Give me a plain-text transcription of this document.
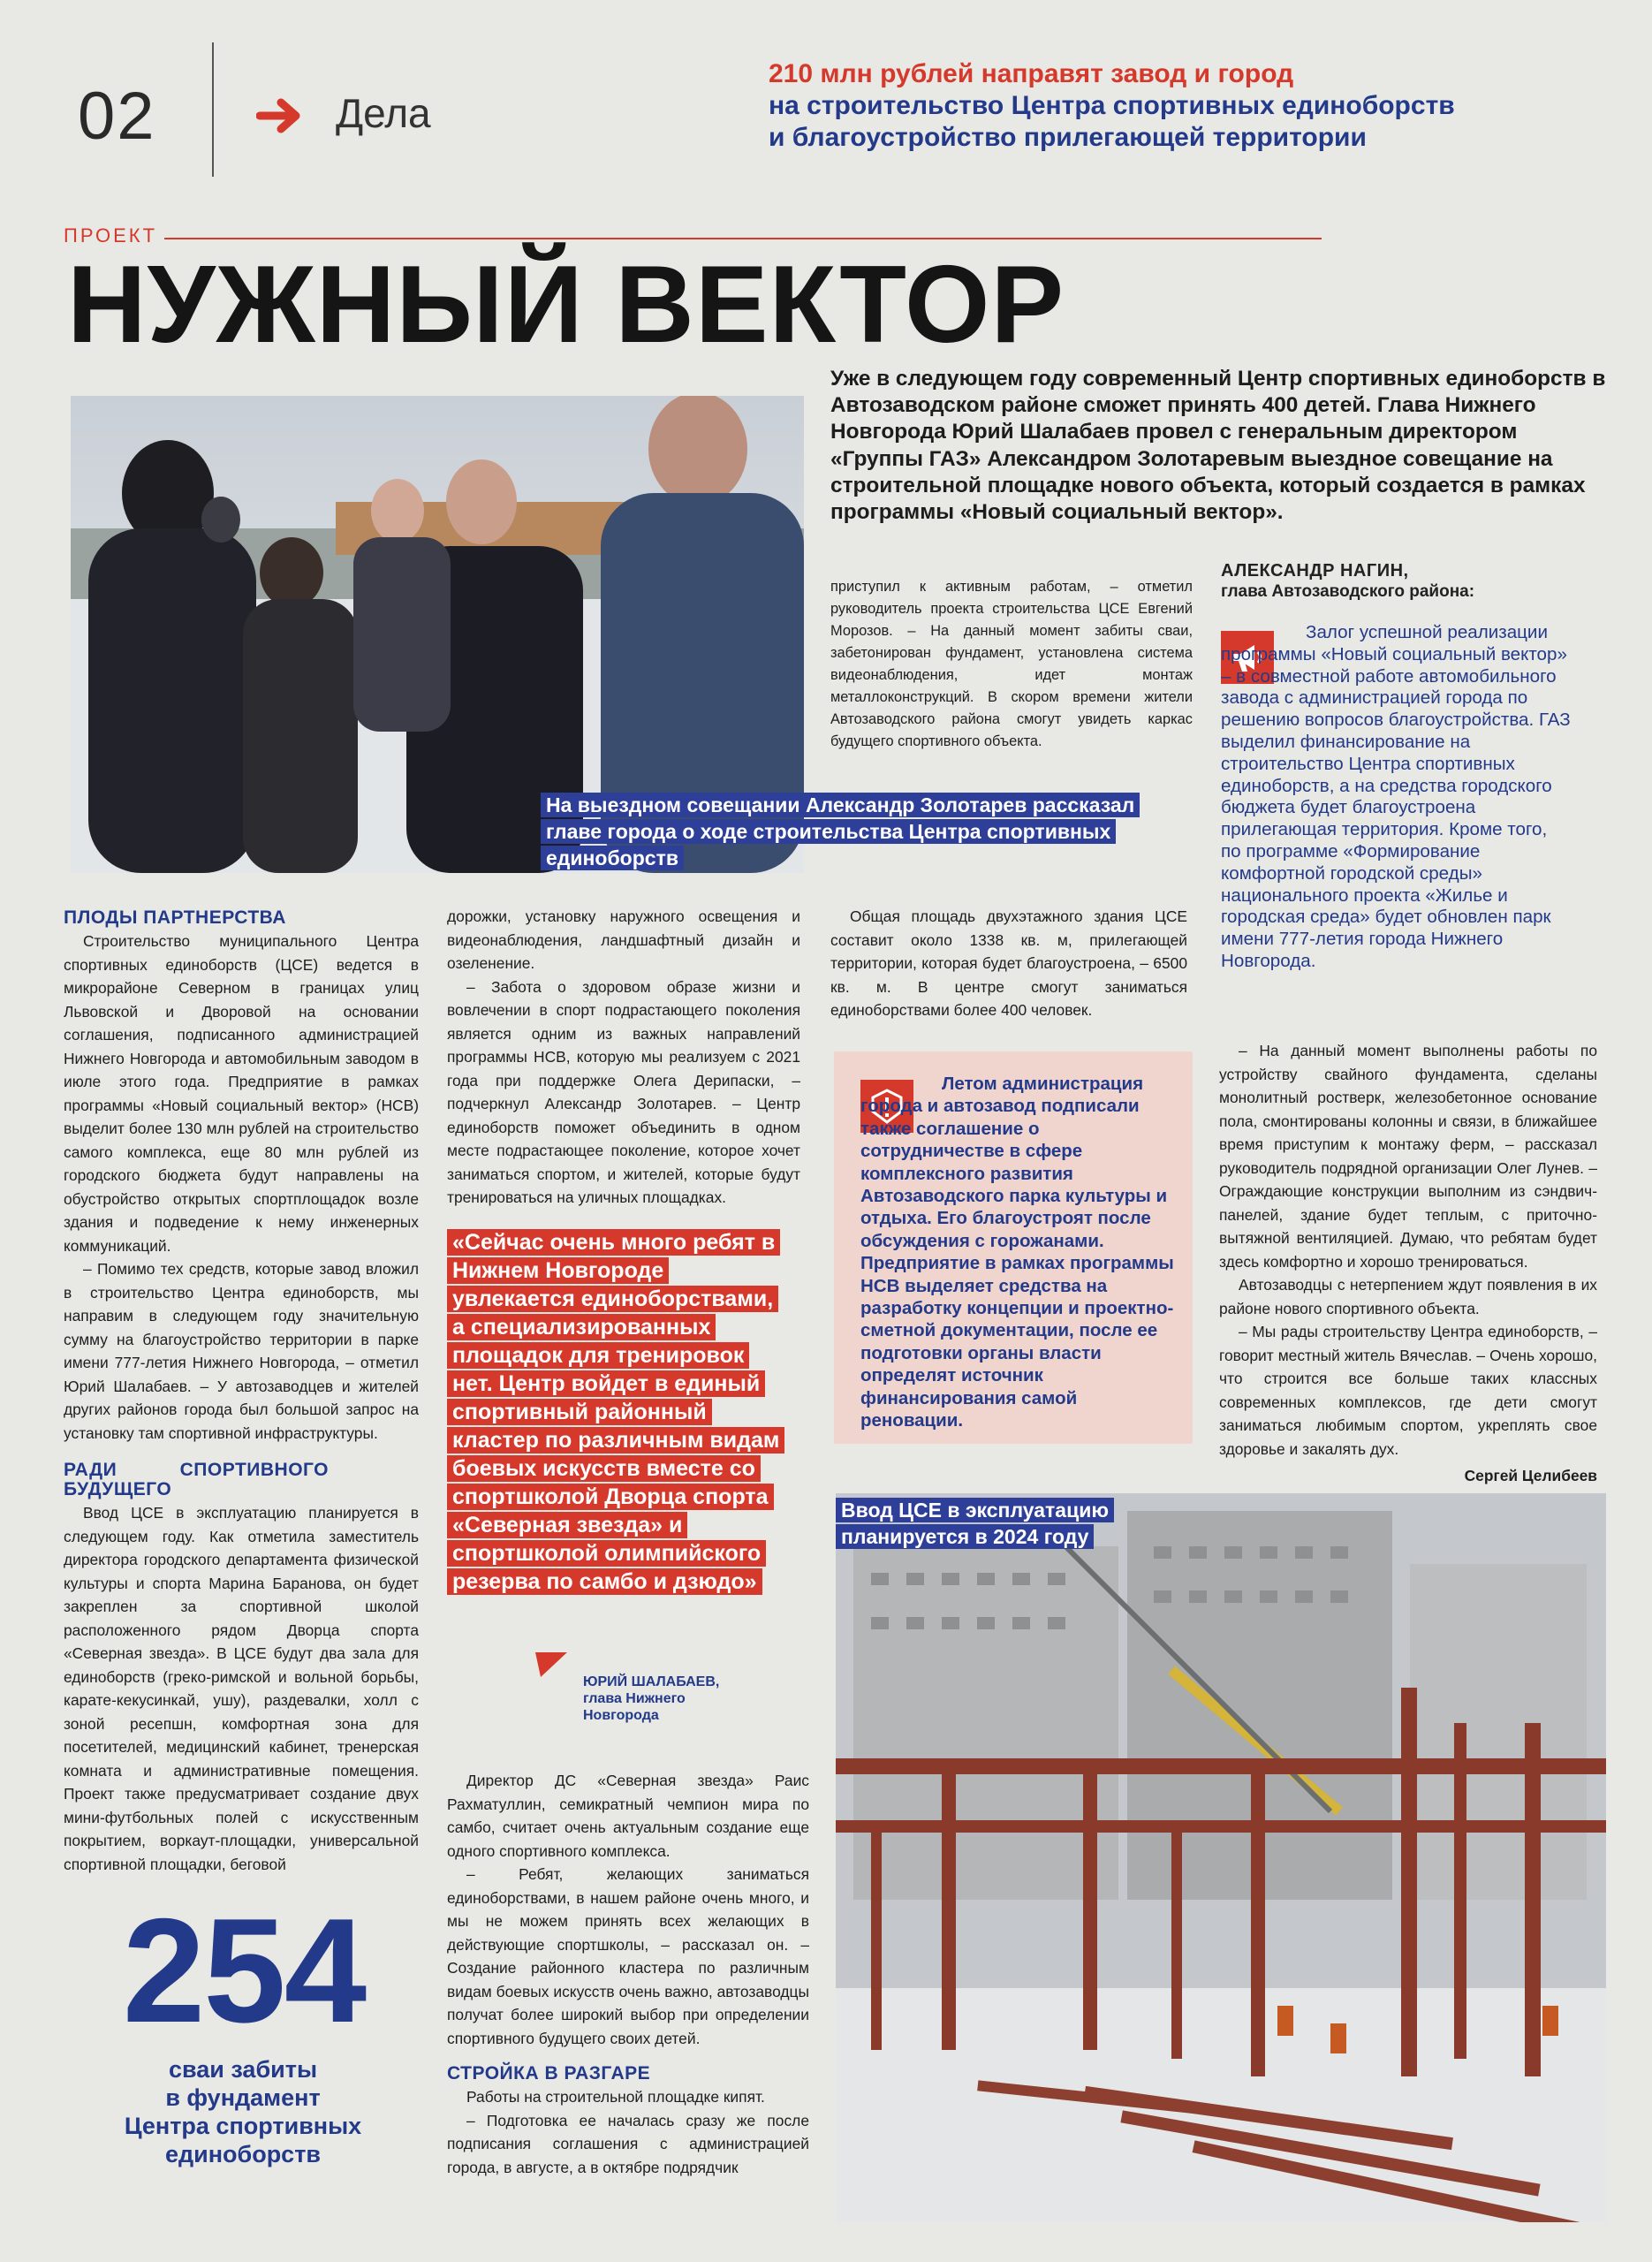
02	Дела
210 млн рублей направят завод и город
на строительство Центра спортивных единоборств
и благоустройство прилегающей территории
ПРОЕКТ
НУЖНЫЙ ВЕКТОР
На выездном совещании Александр Золотарев рассказал главе города о ходе строительства Центра спортивных единоборств
Уже в следующем году современный Центр спортивных единоборств в Автозаводском районе сможет принять 400 детей. Глава Нижнего Новгорода Юрий Шалабаев провел с генеральным директором «Группы ГАЗ» Александром Золотаревым выездное совещание на строительной площадке нового объекта, который создается в рамках программы «Новый социальный вектор».

приступил к активным работам, – отметил руководитель проекта строительства ЦСЕ Евгений Морозов. – На данный момент забиты сваи, забетонирован фундамент, установлена система видеонаблюдения, идет монтаж металлоконструкций. В скором времени жители Автозаводского района смогут увидеть каркас будущего спортивного объекта.

АЛЕКСАНДР НАГИН,
глава Автозаводского района:
Залог успешной реализации программы «Новый социальный вектор» – в совместной работе автомобильного завода с администрацией города по решению вопросов благоустройства. ГАЗ выделил финансирование на строительство Центра спортивных единоборств, а на средства городского бюджета будет благоустроена прилегающая территория. Кроме того, по программе «Формирование комфортной городской среды» национального проекта «Жилье и городская среда» будет обновлен парк имени 777-летия города Нижнего Новгорода.
ПЛОДЫ ПАРТНЕРСТВА

Строительство муниципального Центра спортивных единоборств (ЦСЕ) ведется в микрорайоне Северном в границах улиц Львовской и Дворовой на основании соглашения, подписанного администрацией Нижнего Новгорода и автомобильным заводом в июле этого года. Предприятие в рамках программы «Новый социальный вектор» (НСВ) выделит более 130 млн рублей на строительство самого комплекса, еще 80 млн рублей из городского бюджета будут направлены на обустройство открытых спортплощадок возле здания и подведение к нему инженерных коммуникаций.

– Помимо тех средств, которые завод вложил в строительство Центра единоборств, мы направим в следующем году значительную сумму на благоустройство территории в парке имени 777-летия Нижнего Новгорода, – отметил Юрий Шалабаев. – У автозаводцев и жителей других районов города был большой запрос на установку там спортивной инфраструктуры.

РАДИ СПОРТИВНОГО БУДУЩЕГО

Ввод ЦСЕ в эксплуатацию планируется в следующем году. Как отметила заместитель директора городского департамента физической культуры и спорта Марина Баранова, он будет закреплен за спортивной школой расположенного рядом Дворца спорта «Северная звезда». В ЦСЕ будут два зала для единоборств (греко-римской и вольной борьбы, карате-кекусинкай, ушу), раздевалки, холл с зоной ресепшн, комфортная зона для посетителей, медицинский кабинет, тренерская комната и административные помещения. Проект также предусматривает создание двух мини-футбольных полей с искусственным покрытием, воркаут-площадки, универсальной спортивной площадки, беговой

254
сваи забиты
в фундамент
Центра спортивных
единоборств

дорожки, установку наружного освещения и видеонаблюдения, ландшафтный дизайн и озеленение.

– Забота о здоровом образе жизни и вовлечении в спорт подрастающего поколения является одним из важных направлений программы НСВ, которую мы реализуем с 2021 года при поддержке Олега Дерипаски, – подчеркнул Александр Золотарев. – Центр единоборств поможет объединить в одном месте подрастающее поколение, которое хочет заниматься спортом, и жителей, которые будут тренироваться на уличных площадках.

«Сейчас очень много ребят в Нижнем Новгороде увлекается единоборствами, а специализированных площадок для тренировок нет. Центр войдет в единый спортивный районный кластер по различным видам боевых искусств вместе со спортшколой Дворца спорта «Северная звезда» и спортшколой олимпийского резерва по самбо и дзюдо»
ЮРИЙ ШАЛАБАЕВ,
глава Нижнего
Новгорода

Директор ДС «Северная звезда» Раис Рахматуллин, семикратный чемпион мира по самбо, считает очень актуальным создание еще одного спортивного комплекса.

– Ребят, желающих заниматься единоборствами, в нашем районе очень много, и мы не можем принять всех желающих в действующие спортшколы, – рассказал он. – Создание районного кластера по различным видам боевых искусств очень важно, автозаводцы получат более широкий выбор при определении спортивного будущего своих детей.

СТРОЙКА В РАЗГАРЕ

Работы на строительной площадке кипят.

– Подготовка ее началась сразу же после подписания соглашения с администрацией города, в августе, а в октябре подрядчик

Общая площадь двухэтажного здания ЦСЕ составит около 1338 кв. м, прилегающей территории, которая будет благоустроена, – 6500 кв. м. В центре смогут заниматься единоборствами более 400 человек.

Летом администрация города и автозавод подписали также соглашение о сотрудничестве в сфере комплексного развития Автозаводского парка культуры и отдыха. Его благоустроят после обсуждения с горожанами. Предприятие в рамках программы НСВ выделяет средства на разработку концепции и проектно-сметной документации, после ее подготовки органы власти определят источник финансирования самой реновации.

– На данный момент выполнены работы по устройству свайного фундамента, сделаны монолитный ростверк, железобетонное основание пола, смонтированы колонны и связи, в ближайшее время приступим к монтажу ферм, – рассказал руководитель подрядной организации Олег Лунев. – Ограждающие конструкции выполним из сэндвич-панелей, здание будет теплым, с приточно-вытяжной вентиляцией. Думаю, что ребятам будет здесь комфортно и хорошо тренироваться.

Автозаводцы с нетерпением ждут появления в их районе нового спортивного объекта.

– Мы рады строительству Центра единоборств, – говорит местный житель Вячеслав. – Очень хорошо, что строится все больше таких классных современных комплексов, где дети смогут заниматься любимым спортом, укреплять свое здоровье и закалять дух.

Сергей Целибеев
Ввод ЦСЕ в эксплуатацию планируется в 2024 году
